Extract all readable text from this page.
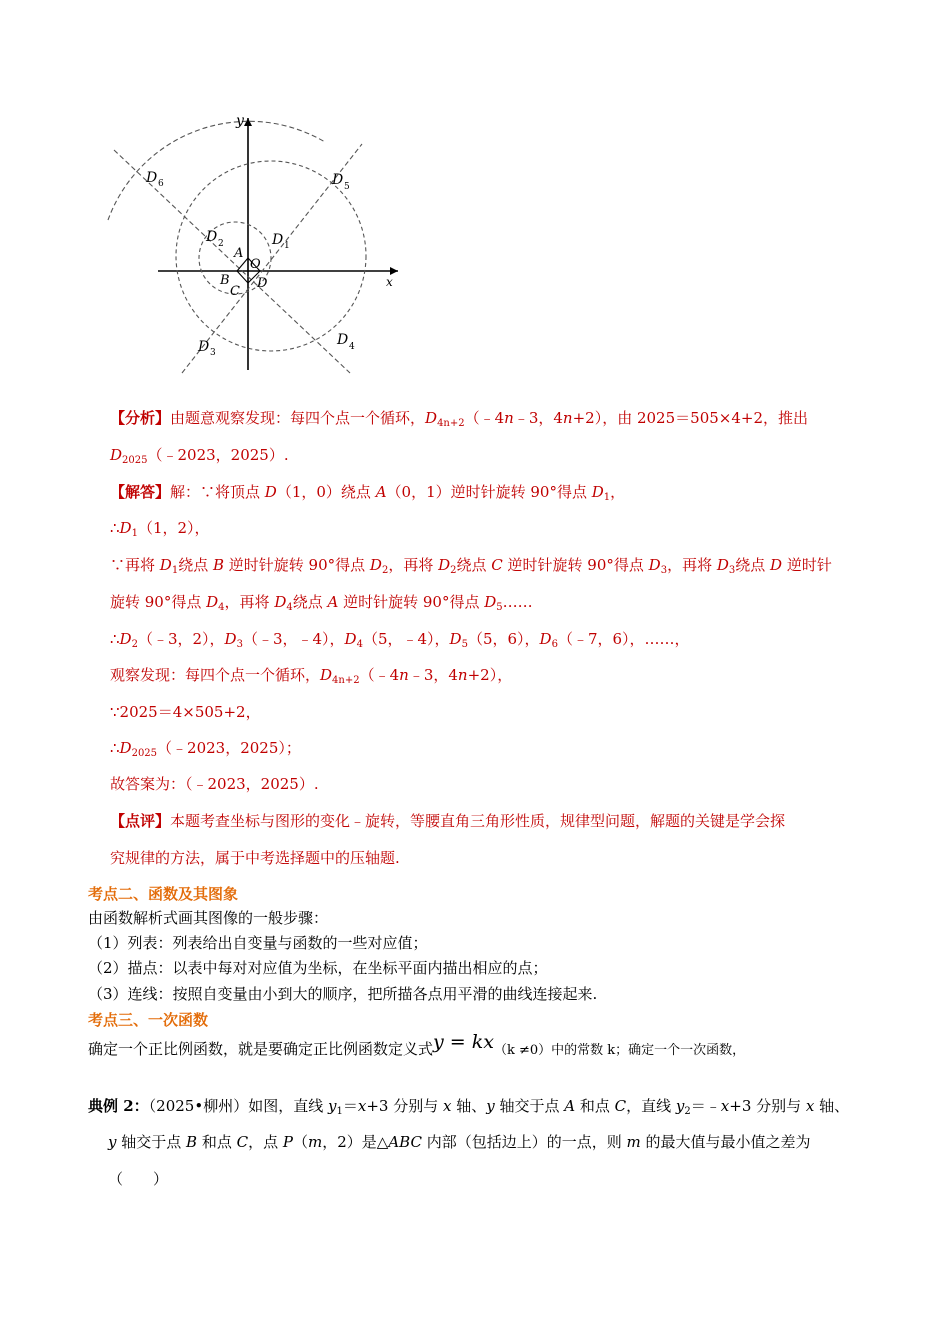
y
x
D 6	D 5
D 2	D 1
A
O
B
C
D
D 3
D 4
【分析】由题意观察发现：每四个点一个循环，$D_{4n+2}(﹣4n﹣3$，4n+2），由 2025＝505×4+2，推出
$D_{2025}(﹣2023$，2025）.
【解答】解：∵将顶点 D（1，0）绕点 A（0，1）逆时针旋转 90°得点 $D_1$，
$\therefore D_1(1$，2），
∵再将 $D_1$绕点 B 逆时针旋转 90°得点 $D_2$，再将 $D_2$绕点 C 逆时针旋转 90°得点 $D_3$，再将 $D_3$绕点 D 逆时针
旋转 90°得点 $D_4$，再将 $D_4$绕点 A 逆时针旋转 90°得点 $D_5\dots\dots$
$\therefore D_2(﹣3$，2），$D_3(﹣3$，﹣4），$D_4(5$，﹣4），$D_5(5$，6），$D_6(﹣7$，6），……，
观察发现：每四个点一个循环，$D_{4n+2}(﹣4n﹣3$，4n+2），
∵2025＝4×505+2，
$\therefore D_{2025}(﹣2023$，2025）；
故答案为：（﹣2023，2025）.
【点评】本题考查坐标与图形的变化﹣旋转，等腰直角三角形性质，规律型问题，解题的关键是学会探
究规律的方法，属于中考选择题中的压轴题.
考点二、函数及其图象
由函数解析式画其图像的一般步骤：
（1）列表：列表给出自变量与函数的一些对应值；
（2）描点：以表中每对对应值为坐标，在坐标平面内描出相应的点；
（3）连线：按照自变量由小到大的顺序，把所描各点用平滑的曲线连接起来.
考点三、一次函数
确定一个正比例函数，就是要确定正比例函数定义式y = kx（k ≠0）中的常数 k；确定一个一次函数，
典例 2：（2025•柳州）如图，直线 $y_1=x+3$ 分别与 x 轴、y 轴交于点 A 和点 C，直线 $y_2=﹣x+3$ 分别与 x 轴、
y 轴交于点 B 和点 C，点 P（m，2）是△ABC 内部（包括边上）的一点，则 m 的最大值与最小值之差为
（　　）
